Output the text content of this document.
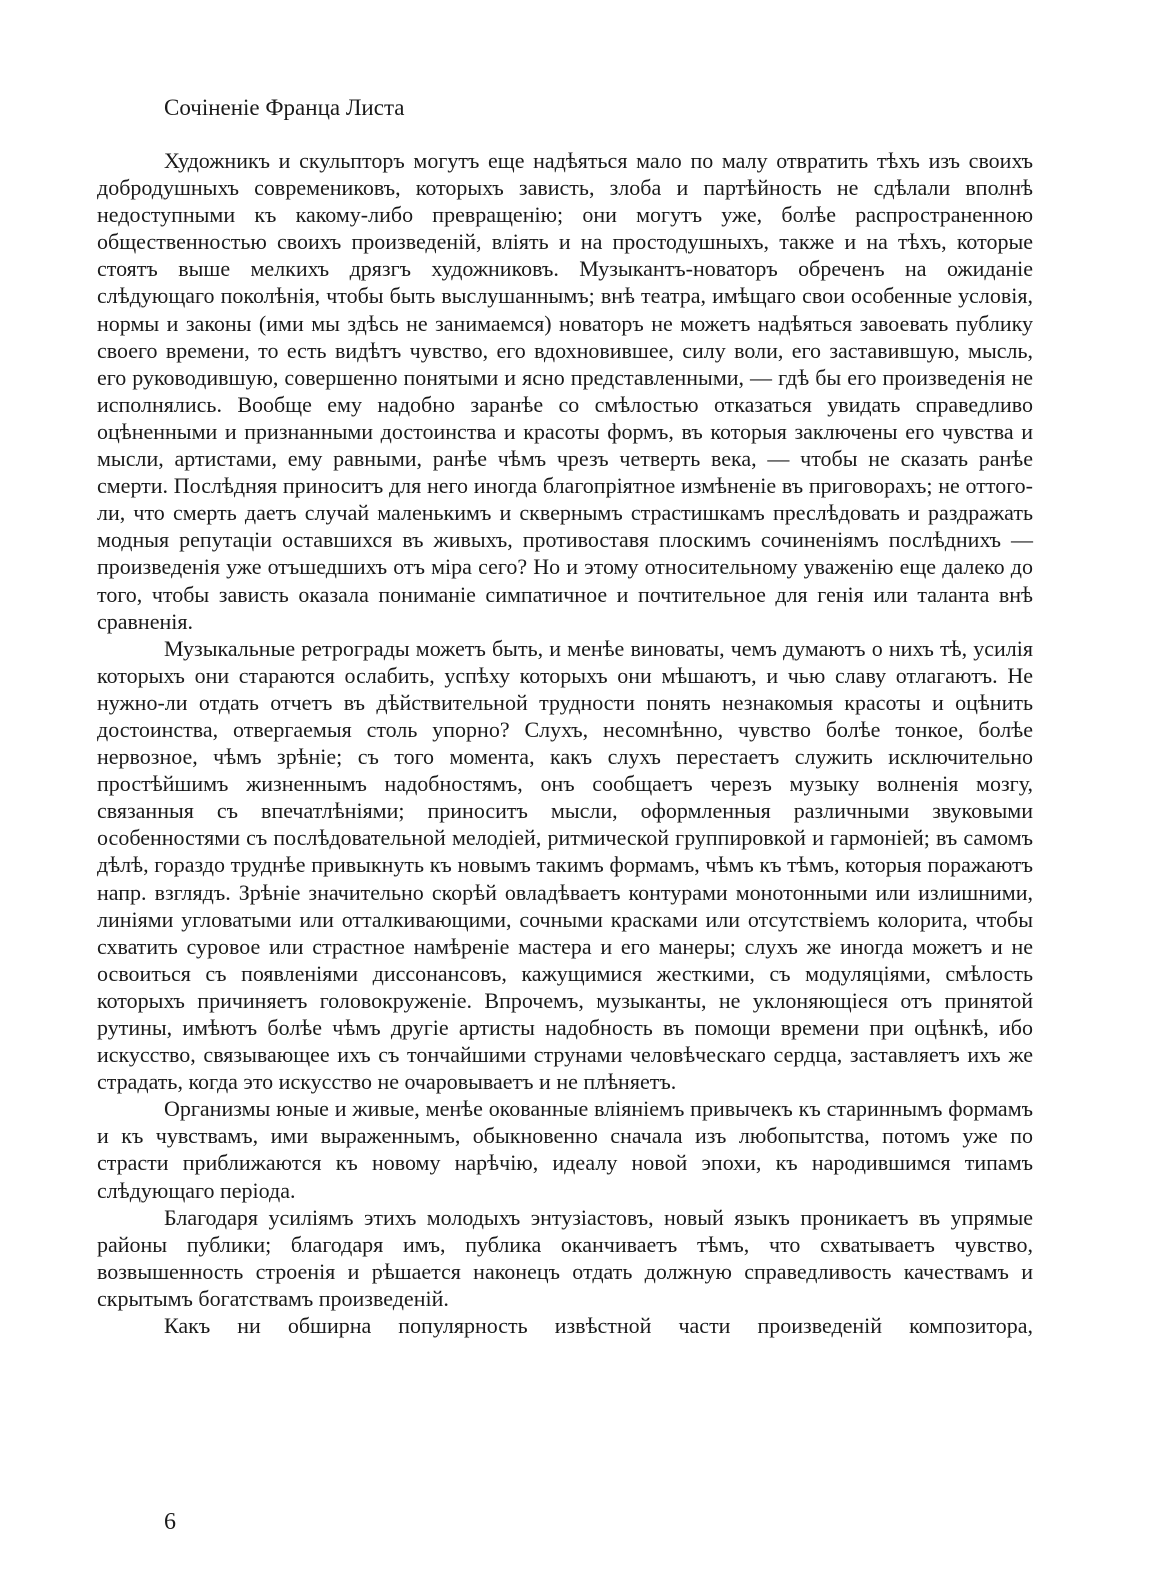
Сочiненiе Франца Листа

Художникъ и скульпторъ могутъ еще надѣяться мало по малу отвратить тѣхъ изъ своихъ добродушныхъ современиковъ, которыхъ зависть, злоба и партѣйность не сдѣлали вполнѣ недоступными къ какому-либо превращенiю; они могутъ уже, болѣе распространенною общественностью своихъ произведенiй, влiять и на простодушныхъ, также и на тѣхъ, которые стоятъ выше мелкихъ дрязгъ художниковъ. Музыкантъ-новаторъ обреченъ на ожиданiе слѣдующаго поколѣнiя, чтобы быть выслушаннымъ; внѣ театра, имѣщаго свои особенные условiя, нормы и законы (ими мы здѣсь не занимаемся) новаторъ не можетъ надѣяться завоевать публику своего времени, то есть видѣтъ чувство, его вдохновившее, силу воли, его заставившую, мысль, его руководившую, совершенно понятыми и ясно представленными, — гдѣ бы его произведенiя не исполнялись. Вообще ему надобно заранѣе со смѣлостью отказаться увидать справедливо оцѣненными и признанными достоинства и красоты формъ, въ которыя заключены его чувства и мысли, артистами, ему равными, ранѣе чѣмъ чрезъ четверть века, — чтобы не сказать ранѣе смерти. Послѣдняя приноситъ для него иногда благопрiятное измѣненiе въ приговорахъ; не оттого-ли, что смерть даетъ случай маленькимъ и сквернымъ страстишкамъ преслѣдовать и раздражать модныя репутацiи оставшихся въ живыхъ, противоставя плоскимъ сочиненiямъ послѣднихъ — произведенiя уже отъшедшихъ отъ мiра сего? Но и этому относительному уваженiю еще далеко до того, чтобы зависть оказала пониманiе симпатичное и почтительное для генiя или таланта внѣ сравненiя.

Музыкальные ретрограды можетъ быть, и менѣе виноваты, чемъ думаютъ о нихъ тѣ, усилiя которыхъ они стараются ослабить, успѣху которыхъ они мѣшаютъ, и чью славу отлагаютъ. Не нужно-ли отдать отчетъ въ дѣйствительной трудности понять незнакомыя красоты и оцѣнить достоинства, отвергаемыя столь упорно? Слухъ, несомнѣнно, чувство болѣе тонкое, болѣе нервозное, чѣмъ зрѣнiе; съ того момента, какъ слухъ перестаетъ служить исключительно простѣйшимъ жизненнымъ надобностямъ, онъ сообщаетъ черезъ музыку волненiя мозгу, связанныя съ впечатлѣнiями; приноситъ мысли, оформленныя различными звуковыми особенностями съ послѣдовательной мелодiей, ритмической группировкой и гармонiей; въ самомъ дѣлѣ, гораздо труднѣе привыкнуть къ новымъ такимъ формамъ, чѣмъ къ тѣмъ, которыя поражаютъ напр. взглядъ. Зрѣнiе значительно скорѣй овладѣваетъ контурами монотонными или излишними, линiями угловатыми или отталкивающими, сочными красками или отсутствiемъ колорита, чтобы схватить суровое или страстное намѣренiе мастера и его манеры; слухъ же иногда можетъ и не освоиться съ появленiями диссонансовъ, кажущимися жесткими, съ модуляцiями, смѣлость которыхъ причиняетъ головокруженiе. Впрочемъ, музыканты, не уклоняющiеся отъ принятой рутины, имѣютъ болѣе чѣмъ другiе артисты надобность въ помощи времени при оцѣнкѣ, ибо искусство, связывающее ихъ съ тончайшими струнами человѣческаго сердца, заставляетъ ихъ же страдать, когда это искусство не очаровываетъ и не плѣняетъ.

Организмы юные и живые, менѣе окованные влiянiемъ привычекъ къ стариннымъ формамъ и къ чувствамъ, ими выраженнымъ, обыкновенно сначала изъ любопытства, потомъ уже по страсти приближаются къ новому нарѣчiю, идеалу новой эпохи, къ народившимся типамъ слѣдующаго перiода.

Благодаря усилiямъ этихъ молодыхъ энтузiастовъ, новый языкъ проникаетъ въ упрямые районы публики; благодаря имъ, публика оканчиваетъ тѣмъ, что схватываетъ чувство, возвышенность строенiя и рѣшается наконецъ отдать должную справедливость качествамъ и скрытымъ богатствамъ произведенiй.

Какъ ни обширна популярность извѣстной части произведенiй композитора,

6
